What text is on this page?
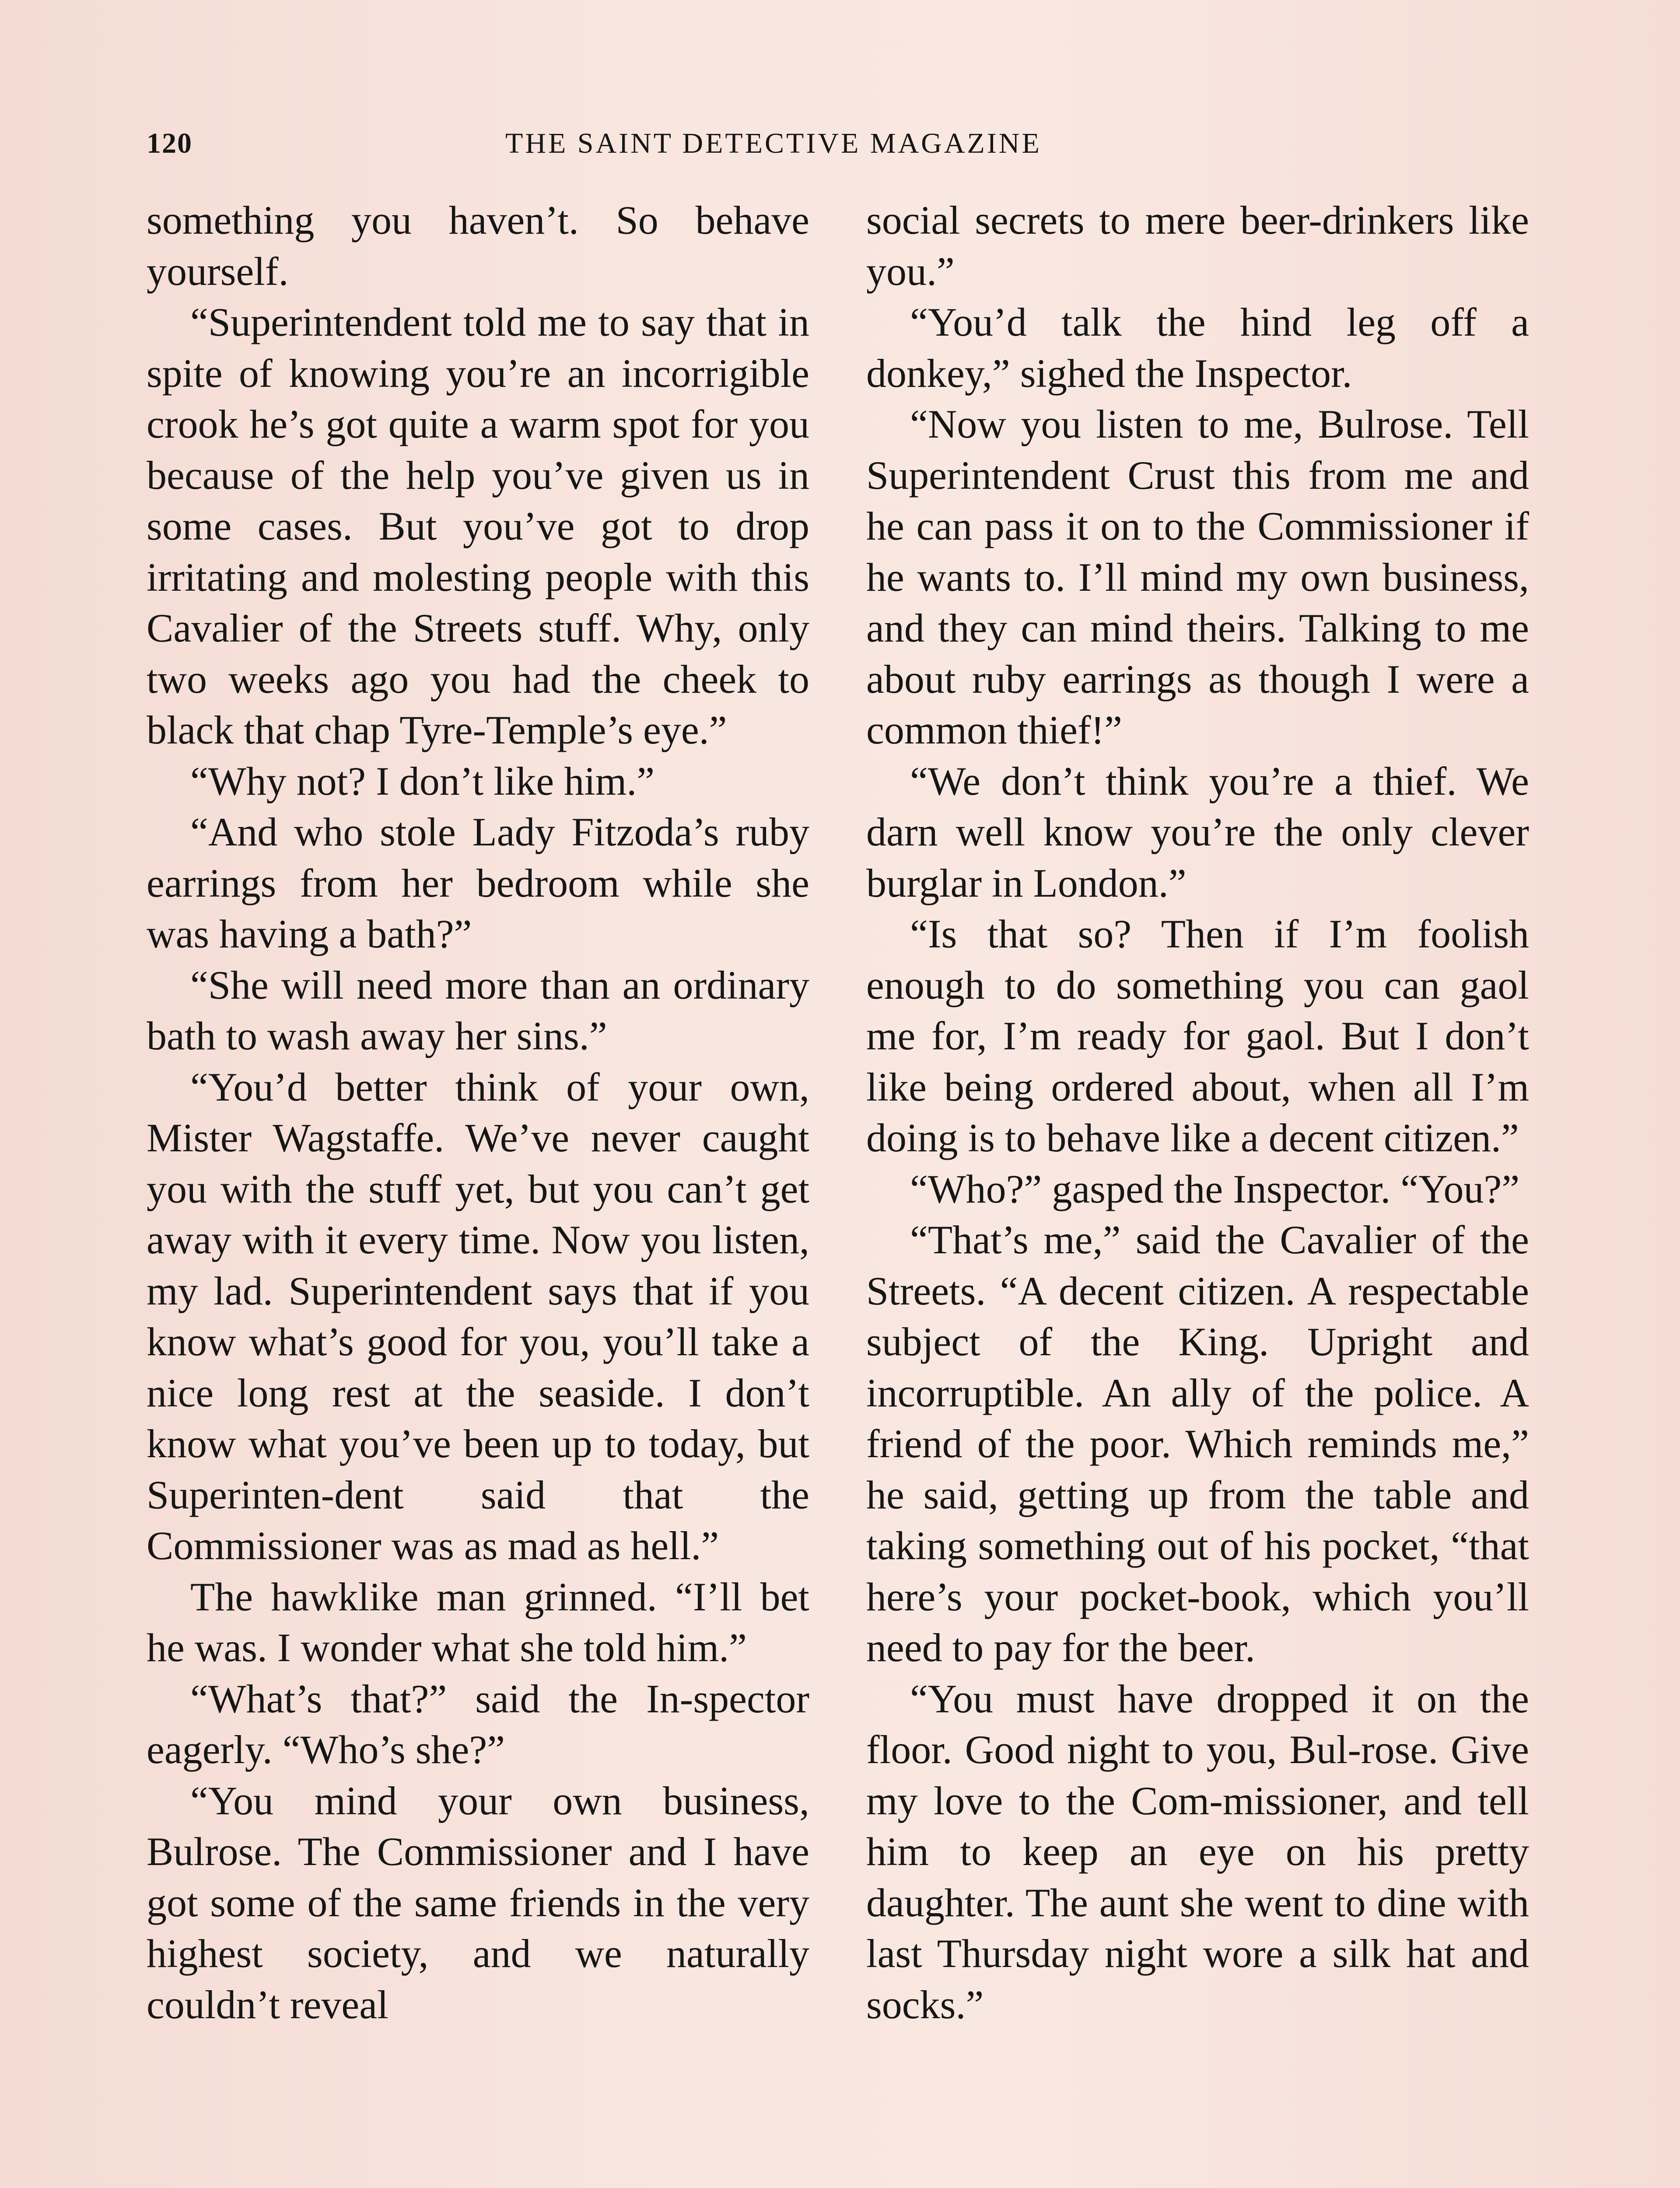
120	THE SAINT DETECTIVE MAGAZINE

something you haven’t. So behave yourself.

“Superintendent told me to say that in spite of knowing you’re an incorrigible crook he’s got quite a warm spot for you because of the help you’ve given us in some cases. But you’ve got to drop irritating and molesting people with this Cavalier of the Streets stuff. Why, only two weeks ago you had the cheek to black that chap Tyre-Temple’s eye.”

“Why not? I don’t like him.”

“And who stole Lady Fitzoda’s ruby earrings from her bedroom while she was having a bath?”

“She will need more than an ordinary bath to wash away her sins.”

“You’d better think of your own, Mister Wagstaffe. We’ve never caught you with the stuff yet, but you can’t get away with it every time. Now you listen, my lad. Superintendent says that if you know what’s good for you, you’ll take a nice long rest at the seaside. I don’t know what you’ve been up to today, but Superinten-dent said that the Commissioner was as mad as hell.”

The hawklike man grinned. “I’ll bet he was. I wonder what she told him.”

“What’s that?” said the In-spector eagerly. “Who’s she?”

“You mind your own business, Bulrose. The Commissioner and I have got some of the same friends in the very highest society, and we naturally couldn’t reveal

social secrets to mere beer-drinkers like you.”

“You’d talk the hind leg off a donkey,” sighed the Inspector.

“Now you listen to me, Bulrose. Tell Superintendent Crust this from me and he can pass it on to the Commissioner if he wants to. I’ll mind my own business, and they can mind theirs. Talking to me about ruby earrings as though I were a common thief!”

“We don’t think you’re a thief. We darn well know you’re the only clever burglar in London.”

“Is that so? Then if I’m foolish enough to do something you can gaol me for, I’m ready for gaol. But I don’t like being ordered about, when all I’m doing is to behave like a decent citizen.”

“Who?” gasped the Inspector. “You?”

“That’s me,” said the Cavalier of the Streets. “A decent citizen. A respectable subject of the King. Upright and incorruptible. An ally of the police. A friend of the poor. Which reminds me,” he said, getting up from the table and taking something out of his pocket, “that here’s your pocket-book, which you’ll need to pay for the beer.

“You must have dropped it on the floor. Good night to you, Bul-rose. Give my love to the Com-missioner, and tell him to keep an eye on his pretty daughter. The aunt she went to dine with last Thursday night wore a silk hat and socks.”
